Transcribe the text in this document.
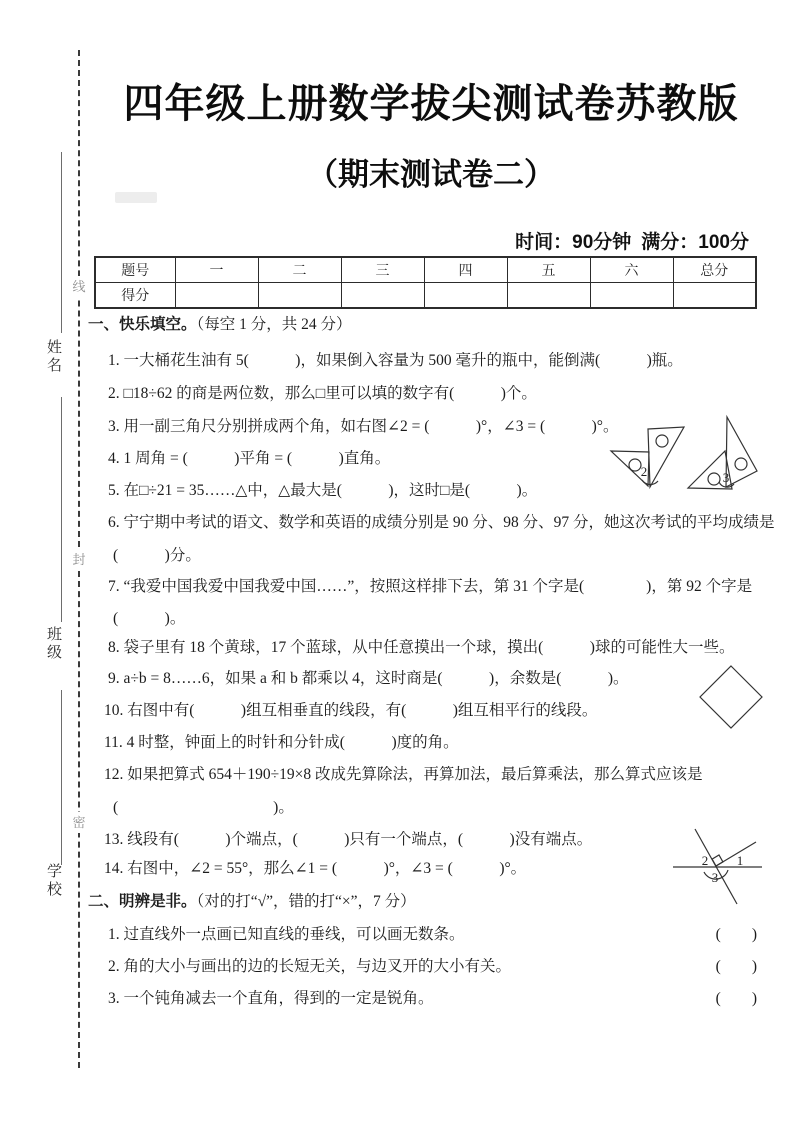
线
封
密
姓名
班级
学校
四年级上册数学拔尖测试卷苏教版
（期末测试卷二）
时间：90分钟 满分：100分
题号	一	二	三	四	五	六	总分
得分							
一、快乐填空。（每空 1 分，共 24 分）
1. 一大桶花生油有 5(　　　)，如果倒入容量为 500 毫升的瓶中，能倒满(　　　)瓶。
2. □18÷62 的商是两位数，那么□里可以填的数字有(　　　)个。
3. 用一副三角尺分别拼成两个角，如右图∠2 = (　　　)°，∠3 = (　　　)°。
4. 1 周角 = (　　　)平角 = (　　　)直角。
5. 在□÷21 = 35……△中，△最大是(　　　)，这时□是(　　　)。
6. 宁宁期中考试的语文、数学和英语的成绩分别是 90 分、98 分、97 分，她这次考试的平均成绩是
(　　　)分。
7. “我爱中国我爱中国我爱中国……”，按照这样排下去，第 31 个字是(　　　　)，第 92 个字是
(　　　)。
8. 袋子里有 18 个黄球，17 个蓝球，从中任意摸出一个球，摸出(　　　)球的可能性大一些。
9. a÷b = 8……6，如果 a 和 b 都乘以 4，这时商是(　　　)，余数是(　　　)。
10. 右图中有(　　　)组互相垂直的线段，有(　　　)组互相平行的线段。
11. 4 时整，钟面上的时针和分针成(　　　)度的角。
12. 如果把算式 654＋190÷19×8 改成先算除法，再算加法，最后算乘法，那么算式应该是
(　　　　　　　　　　)。
13. 线段有(　　　)个端点，(　　　)只有一个端点，(　　　)没有端点。
14. 右图中，∠2 = 55°，那么∠1 = (　　　)°，∠3 = (　　　)°。
二、明辨是非。（对的打“√”，错的打“×”，7 分）
1. 过直线外一点画已知直线的垂线，可以画无数条。	(　　)
2. 角的大小与画出的边的长短无关，与边叉开的大小有关。	(　　)
3. 一个钝角减去一个直角，得到的一定是锐角。	(　　)
2	3
2 1
3
